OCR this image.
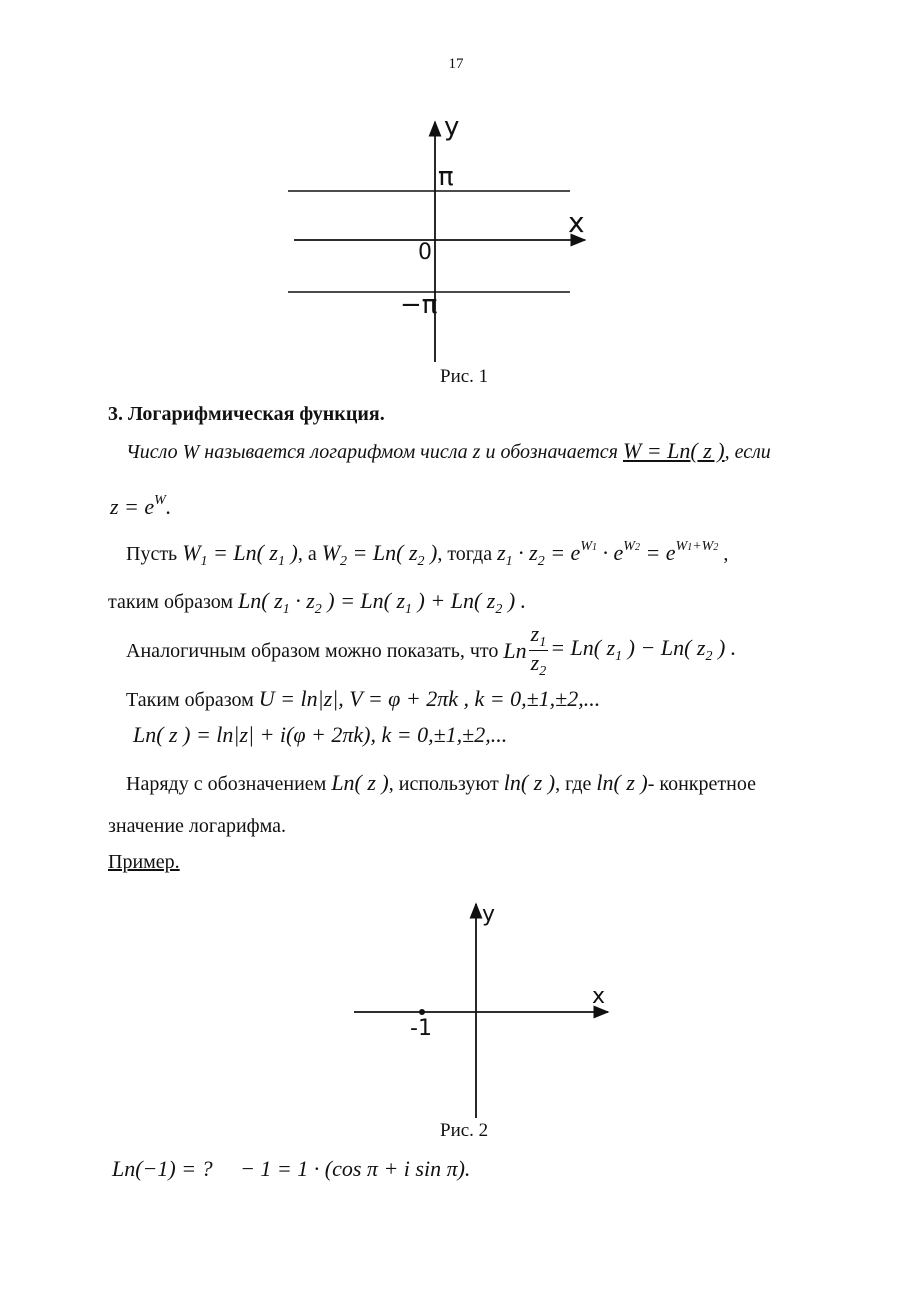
17
y
x
π
0
−π
Рис. 1
3. Логарифмическая функция.
Число W называется логарифмом числа z и обозначается W = Ln( z ), если
$z = e^W$.
Пусть $W_1 = Ln$( $z_1$ ), а $W_2 = Ln$( $z_2$ ), тогда $z_1 \cdot z_2 = e^{W1} \cdot e^{W2} = e^{W1+W2}$ ,
таким образом Ln( $z_1 \cdot z_2$ ) = Ln( $z_1$ ) + Ln( $z_2$ ) .
Аналогичным образом можно показать, что Ln $\frac{z_1}{z_2} = Ln$( $z_1$ ) − Ln( $z_2$ ) .
Таким образом U = ln|z|, V = φ + 2πk , k = 0,±1,±2,...
Ln( z ) = ln|z| + i(φ + 2πk), k = 0,±1,±2,...
Наряду с обозначением Ln( z ), используют ln( z ), где ln( z )- конкретное
значение логарифма.
Пример.
y
x
-1
Рис. 2
Ln(−1) = ?     − 1 = 1 · (cos π + i sin π).
